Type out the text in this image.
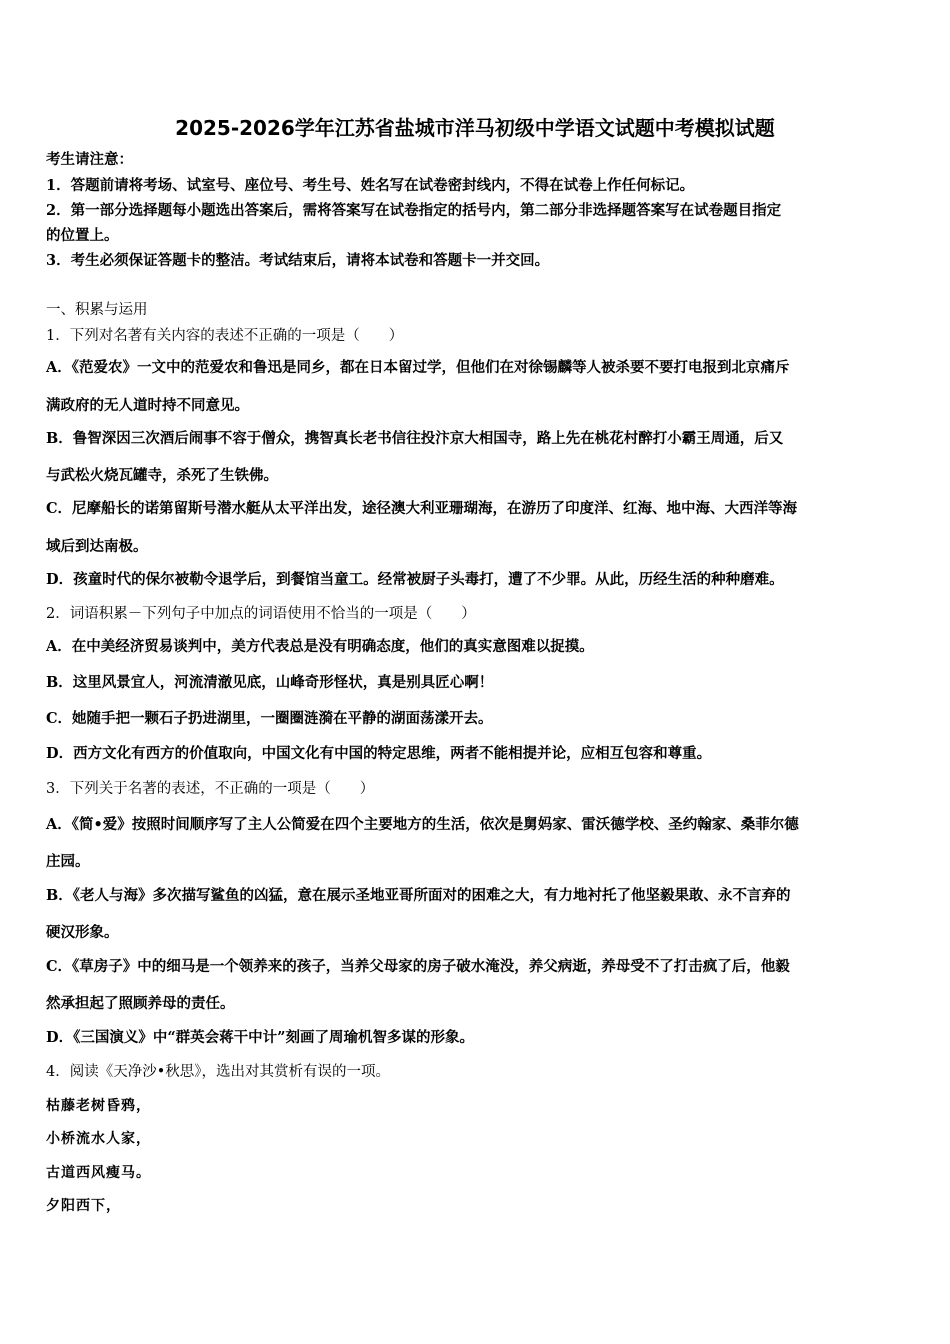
2025-2026学年江苏省盐城市洋马初级中学语文试题中考模拟试题
考生请注意：
1．答题前请将考场、试室号、座位号、考生号、姓名写在试卷密封线内，不得在试卷上作任何标记。
2．第一部分选择题每小题选出答案后，需将答案写在试卷指定的括号内，第二部分非选择题答案写在试卷题目指定
的位置上。
3．考生必须保证答题卡的整洁。考试结束后，请将本试卷和答题卡一并交回。
一、积累与运用
1．下列对名著有关内容的表述不正确的一项是（　　）
A．《范爱农》一文中的范爱农和鲁迅是同乡，都在日本留过学，但他们在对徐锡麟等人被杀要不要打电报到北京痛斥
满政府的无人道时持不同意见。
B．鲁智深因三次酒后闹事不容于僧众，携智真长老书信往投汴京大相国寺，路上先在桃花村醉打小霸王周通，后又
与武松火烧瓦罐寺，杀死了生铁佛。
C．尼摩船长的诺第留斯号潜水艇从太平洋出发，途径澳大利亚珊瑚海，在游历了印度洋、红海、地中海、大西洋等海
域后到达南极。
D．孩童时代的保尔被勒令退学后，到餐馆当童工。经常被厨子头毒打，遭了不少罪。从此，历经生活的种种磨难。
2．词语积累－下列句子中加点的词语使用不恰当的一项是（　　）
A．在中美经济贸易谈判中，美方代表总是没有明确态度，他们的真实意图难以捉摸。
B．这里风景宜人，河流清澈见底，山峰奇形怪状，真是别具匠心啊！
C．她随手把一颗石子扔进湖里，一圈圈涟漪在平静的湖面荡漾开去。
D．西方文化有西方的价值取向，中国文化有中国的特定思维，两者不能相提并论，应相互包容和尊重。
3．下列关于名著的表述，不正确的一项是（　　）
A．《简•爱》按照时间顺序写了主人公简爱在四个主要地方的生活，依次是舅妈家、雷沃德学校、圣约翰家、桑菲尔德
庄园。
B．《老人与海》多次描写鲨鱼的凶猛，意在展示圣地亚哥所面对的困难之大，有力地衬托了他坚毅果敢、永不言弃的
硬汉形象。
C．《草房子》中的细马是一个领养来的孩子，当养父母家的房子破水淹没，养父病逝，养母受不了打击疯了后，他毅
然承担起了照顾养母的责任。
D．《三国演义》中“群英会蒋干中计”刻画了周瑜机智多谋的形象。
4．阅读《天净沙•秋思》，选出对其赏析有误的一项。
枯藤老树昏鸦，
小桥流水人家，
古道西风瘦马。
夕阳西下，
